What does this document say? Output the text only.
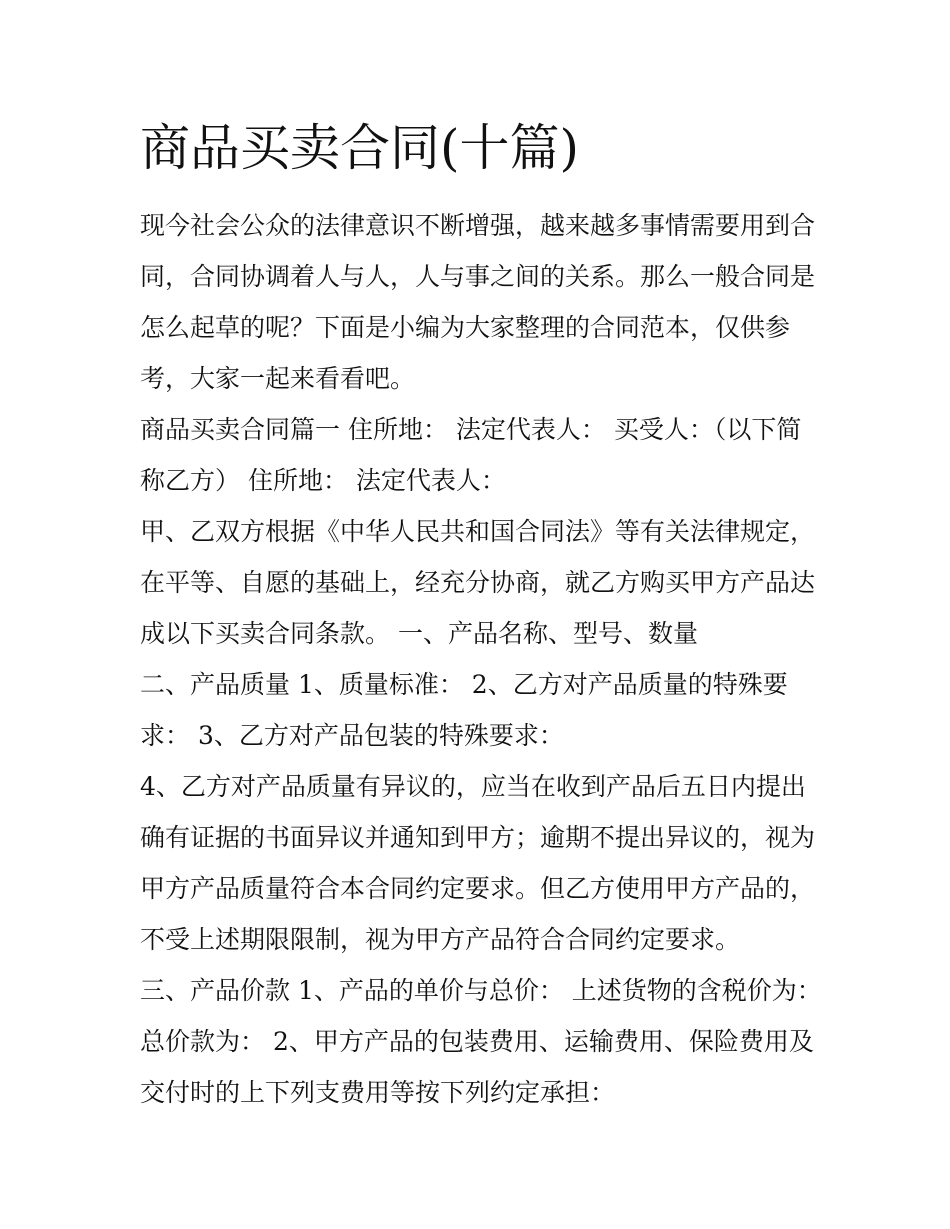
商品买卖合同(十篇)
现今社会公众的法律意识不断增强，越来越多事情需要用到合
同，合同协调着人与人，人与事之间的关系。那么一般合同是
怎么起草的呢？下面是小编为大家整理的合同范本，仅供参
考，大家一起来看看吧。
商品买卖合同篇一 住所地： 法定代表人： 买受人：（以下简
称乙方） 住所地： 法定代表人：
甲、乙双方根据《中华人民共和国合同法》等有关法律规定，
在平等、自愿的基础上，经充分协商，就乙方购买甲方产品达
成以下买卖合同条款。 一、产品名称、型号、数量
二、产品质量 1、质量标准： 2、乙方对产品质量的特殊要
求： 3、乙方对产品包装的特殊要求：
4、乙方对产品质量有异议的，应当在收到产品后五日内提出
确有证据的书面异议并通知到甲方；逾期不提出异议的，视为
甲方产品质量符合本合同约定要求。但乙方使用甲方产品的，
不受上述期限限制，视为甲方产品符合合同约定要求。
三、产品价款 1、产品的单价与总价： 上述货物的含税价为：
总价款为： 2、甲方产品的包装费用、运输费用、保险费用及
交付时的上下列支费用等按下列约定承担：
